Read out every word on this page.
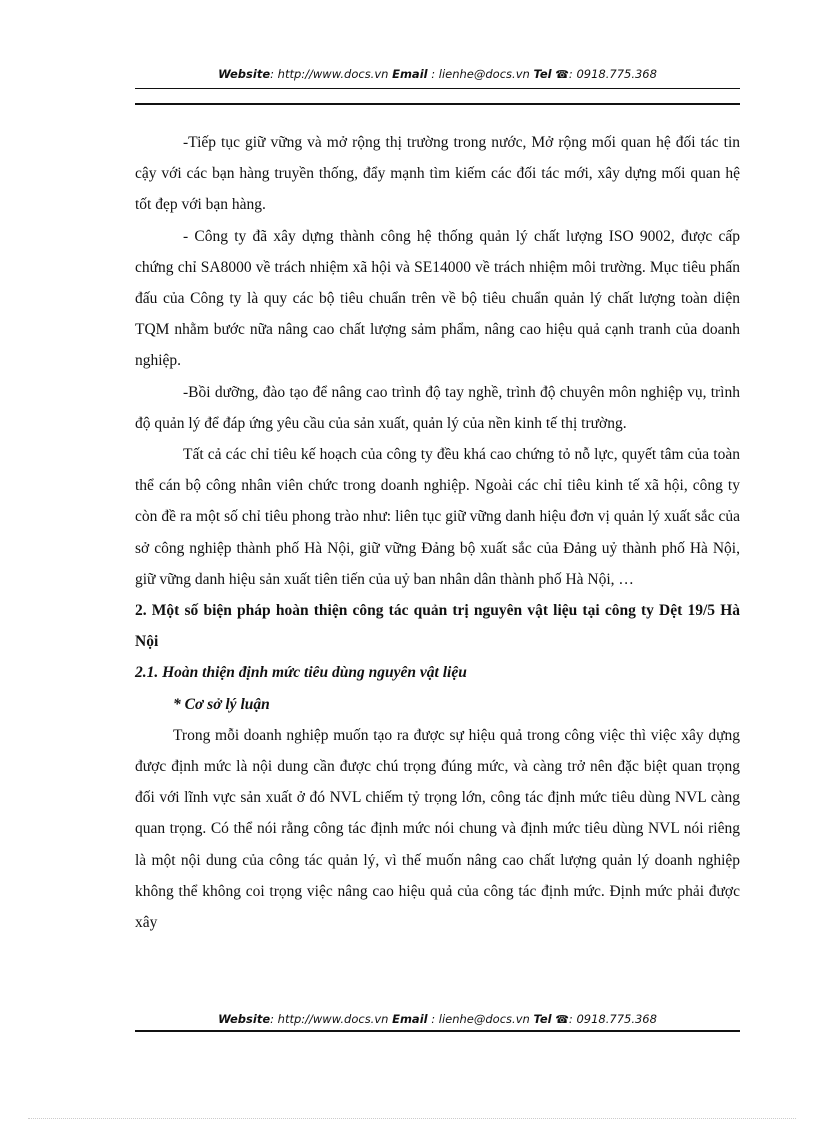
Website: http://www.docs.vn Email : lienhe@docs.vn Tel ☎: 0918.775.368

-Tiếp tục giữ vững và mở rộng thị trường trong nước, Mở rộng mối quan hệ đối tác tin cậy với các bạn hàng truyền thống, đẩy mạnh tìm kiếm các đối tác mới, xây dựng mối quan hệ tốt đẹp với bạn hàng.

- Công ty đã xây dựng thành công hệ thống quản lý chất lượng ISO 9002, được cấp chứng chỉ SA8000 về trách nhiệm xã hội và SE14000 về trách nhiệm môi trường. Mục tiêu phấn đấu của Công ty là quy các bộ tiêu chuẩn trên về bộ tiêu chuẩn quản lý chất lượng toàn diện TQM nhằm bước nữa nâng cao chất lượng sảm phẩm, nâng cao hiệu quả cạnh tranh của doanh nghiệp.

-Bồi dưỡng, đào tạo để nâng cao trình độ tay nghề, trình độ chuyên môn nghiệp vụ, trình độ quản lý để đáp ứng yêu cầu của sản xuất, quản lý của nền kinh tế thị trường.

Tất cả các chỉ tiêu kế hoạch của công ty đều khá cao chứng tỏ nỗ lực, quyết tâm của toàn thể cán bộ công nhân viên chức trong doanh nghiệp. Ngoài các chỉ tiêu kinh tế xã hội, công ty còn đề ra một số chỉ tiêu phong trào như: liên tục giữ vững danh hiệu đơn vị quản lý xuất sắc của sở công nghiệp thành phố Hà Nội, giữ vững Đảng bộ xuất sắc của Đảng uỷ thành phố Hà Nội, giữ vững danh hiệu sản xuất tiên tiến của uỷ ban nhân dân thành phố Hà Nội, …

2. Một số biện pháp hoàn thiện công tác quản trị nguyên vật liệu tại công ty Dệt 19/5 Hà Nội

2.1. Hoàn thiện định mức tiêu dùng nguyên vật liệu

* Cơ sở lý luận

Trong mỗi doanh nghiệp muốn tạo ra được sự hiệu quả trong công việc thì việc xây dựng được định mức là nội dung cần được chú trọng đúng mức, và càng trở nên đặc biệt quan trọng đối với lĩnh vực sản xuất ở đó NVL chiếm tỷ trọng lớn, công tác định mức tiêu dùng NVL càng quan trọng. Có thể nói rằng công tác định mức nói chung và định mức tiêu dùng NVL nói riêng là một nội dung của công tác quản lý, vì thế muốn nâng cao chất lượng quản lý doanh nghiệp không thể không coi trọng việc nâng cao hiệu quả của công tác định mức. Định mức phải được xây

Website: http://www.docs.vn Email : lienhe@docs.vn Tel ☎: 0918.775.368
